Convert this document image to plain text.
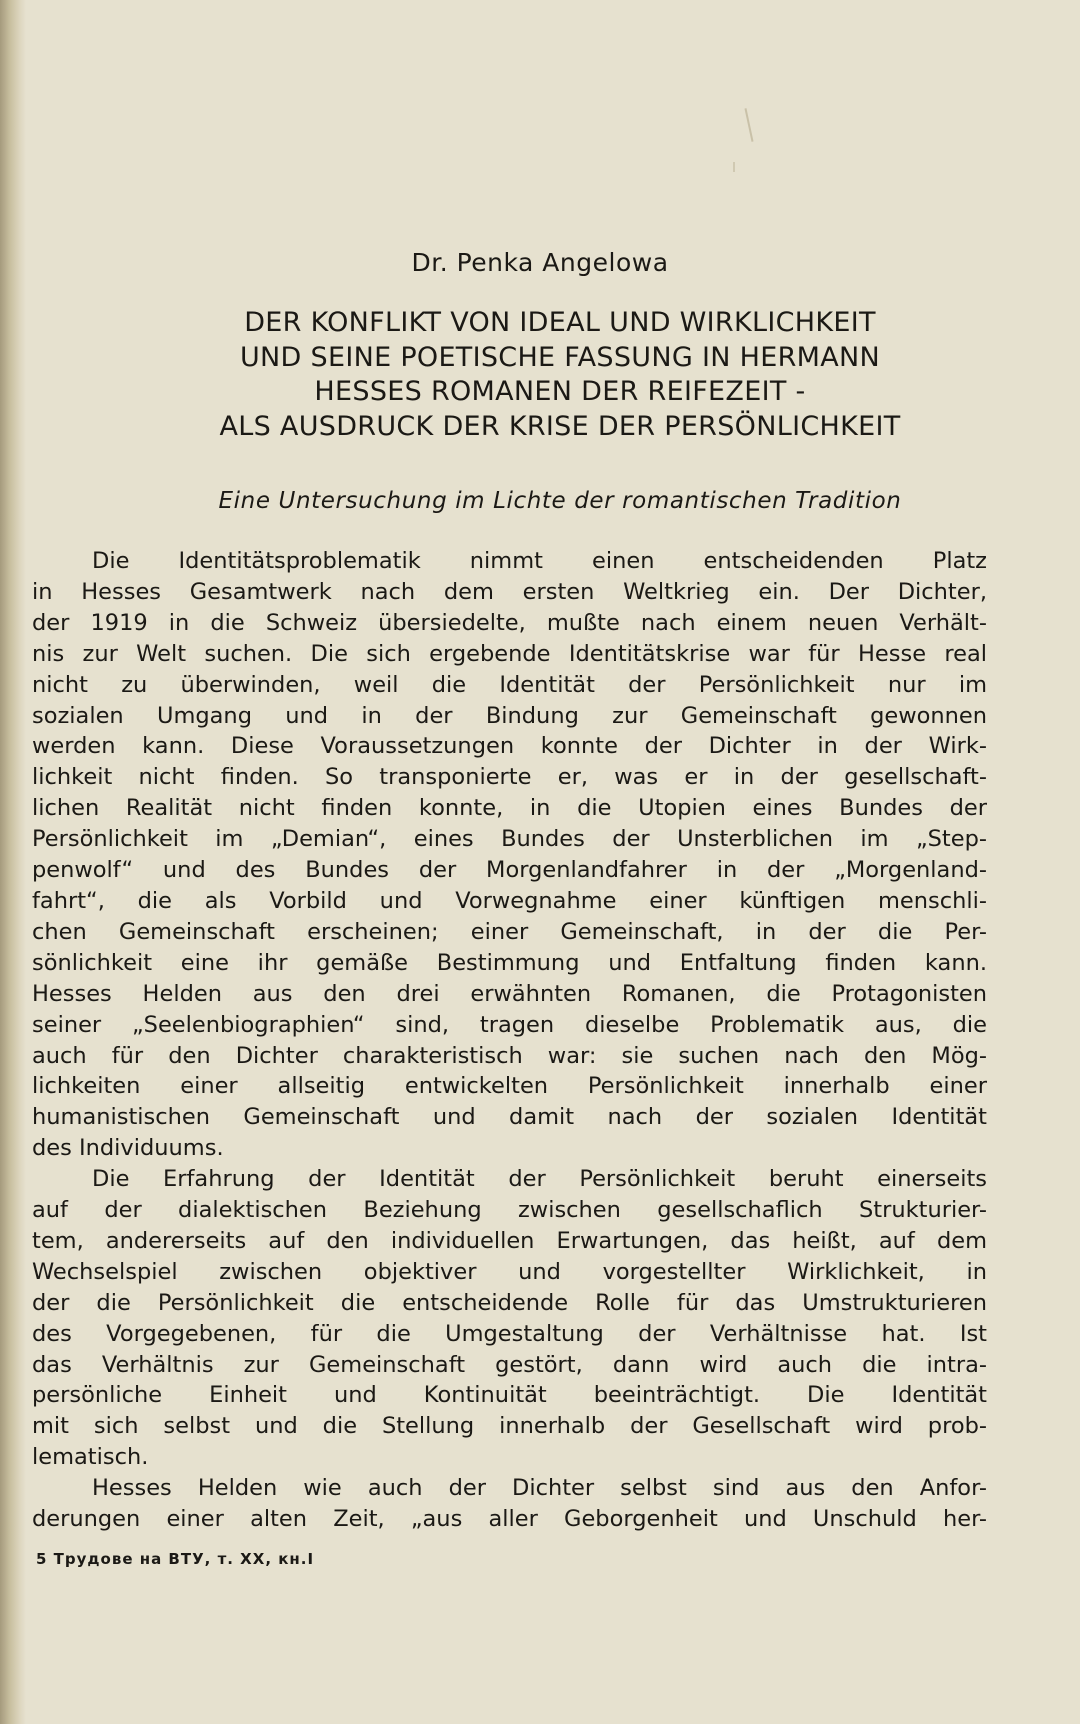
Dr. Penka Angelowa
DER KONFLIKT VON IDEAL UND WIRKLICHKEIT
UND SEINE POETISCHE FASSUNG IN HERMANN
HESSES ROMANEN DER REIFEZEIT -
ALS AUSDRUCK DER KRISE DER PERSÖNLICHKEIT
Eine Untersuchung im Lichte der romantischen Tradition
Die Identitätsproblematik nimmt einen entscheidenden Platz
in Hesses Gesamtwerk nach dem ersten Weltkrieg ein. Der Dichter,
der 1919 in die Schweiz übersiedelte, mußte nach einem neuen Verhält-
nis zur Welt suchen. Die sich ergebende Identitätskrise war für Hesse real
nicht zu überwinden, weil die Identität der Persönlichkeit nur im
sozialen Umgang und in der Bindung zur Gemeinschaft gewonnen
werden kann. Diese Voraussetzungen konnte der Dichter in der Wirk-
lichkeit nicht finden. So transponierte er, was er in der gesellschaft-
lichen Realität nicht finden konnte, in die Utopien eines Bundes der
Persönlichkeit im „Demian“, eines Bundes der Unsterblichen im „Step-
penwolf“ und des Bundes der Morgenlandfahrer in der „Morgenland-
fahrt“, die als Vorbild und Vorwegnahme einer künftigen menschli-
chen Gemeinschaft erscheinen; einer Gemeinschaft, in der die Per-
sönlichkeit eine ihr gemäße Bestimmung und Entfaltung finden kann.
Hesses Helden aus den drei erwähnten Romanen, die Protagonisten
seiner „Seelenbiographien“ sind, tragen dieselbe Problematik aus, die
auch für den Dichter charakteristisch war: sie suchen nach den Mög-
lichkeiten einer allseitig entwickelten Persönlichkeit innerhalb einer
humanistischen Gemeinschaft und damit nach der sozialen Identität
des Individuums.
Die Erfahrung der Identität der Persönlichkeit beruht einerseits
auf der dialektischen Beziehung zwischen gesellschaflich Strukturier-
tem, andererseits auf den individuellen Erwartungen, das heißt, auf dem
Wechselspiel zwischen objektiver und vorgestellter Wirklichkeit, in
der die Persönlichkeit die entscheidende Rolle für das Umstrukturieren
des Vorgegebenen, für die Umgestaltung der Verhältnisse hat. Ist
das Verhältnis zur Gemeinschaft gestört, dann wird auch die intra-
persönliche Einheit und Kontinuität beeinträchtigt. Die Identität
mit sich selbst und die Stellung innerhalb der Gesellschaft wird prob-
lematisch.
Hesses Helden wie auch der Dichter selbst sind aus den Anfor-
derungen einer alten Zeit, „aus aller Geborgenheit und Unschuld her-
5 Трудове на ВТУ, т. XX, кн.I
